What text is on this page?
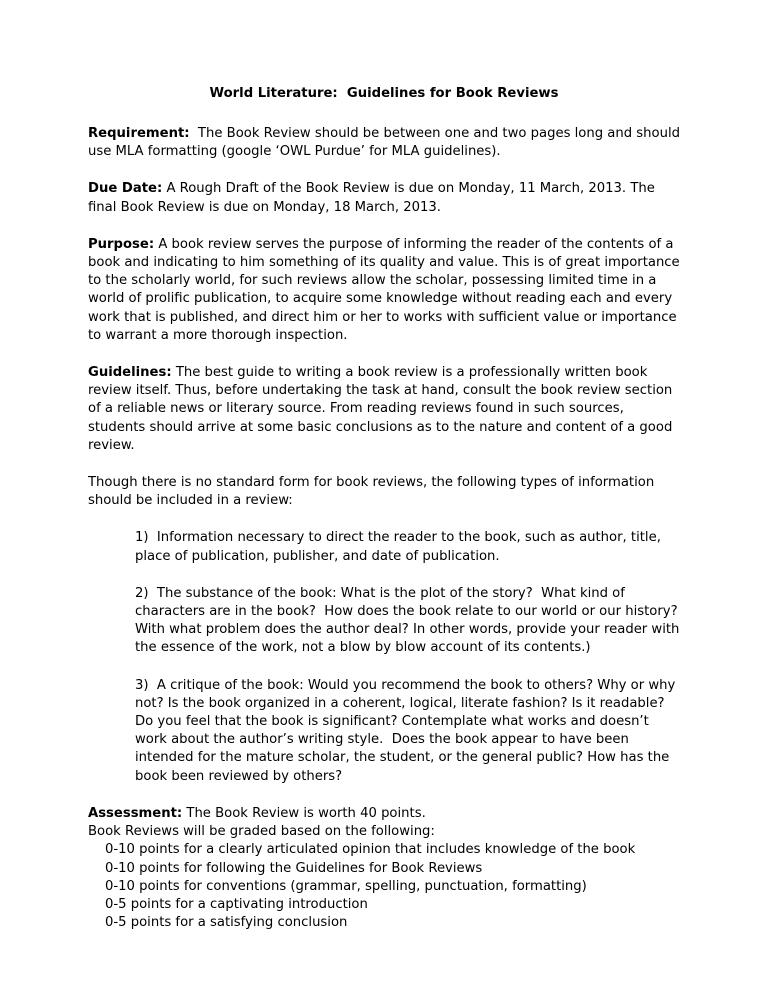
World Literature:  Guidelines for Book Reviews

Requirement:  The Book Review should be between one and two pages long and should use MLA formatting (google ‘OWL Purdue’ for MLA guidelines).

Due Date: A Rough Draft of the Book Review is due on Monday, 11 March, 2013. The final Book Review is due on Monday, 18 March, 2013.

Purpose: A book review serves the purpose of informing the reader of the contents of a book and indicating to him something of its quality and value. This is of great importance to the scholarly world, for such reviews allow the scholar, possessing limited time in a world of prolific publication, to acquire some knowledge without reading each and every work that is published, and direct him or her to works with sufficient value or importance to warrant a more thorough inspection.

Guidelines: The best guide to writing a book review is a professionally written book review itself. Thus, before undertaking the task at hand, consult the book review section of a reliable news or literary source. From reading reviews found in such sources, students should arrive at some basic conclusions as to the nature and content of a good review.

Though there is no standard form for book reviews, the following types of information should be included in a review:

1)  Information necessary to direct the reader to the book, such as author, title, place of publication, publisher, and date of publication.

2)  The substance of the book: What is the plot of the story?  What kind of characters are in the book?  How does the book relate to our world or our history?  With what problem does the author deal? In other words, provide your reader with the essence of the work, not a blow by blow account of its contents.)

3)  A critique of the book: Would you recommend the book to others? Why or why not? Is the book organized in a coherent, logical, literate fashion? Is it readable? Do you feel that the book is significant? Contemplate what works and doesn’t work about the author’s writing style.  Does the book appear to have been intended for the mature scholar, the student, or the general public? How has the book been reviewed by others?

Assessment: The Book Review is worth 40 points.
Book Reviews will be graded based on the following:
0-10 points for a clearly articulated opinion that includes knowledge of the book
0-10 points for following the Guidelines for Book Reviews
0-10 points for conventions (grammar, spelling, punctuation, formatting)
0-5 points for a captivating introduction
0-5 points for a satisfying conclusion
